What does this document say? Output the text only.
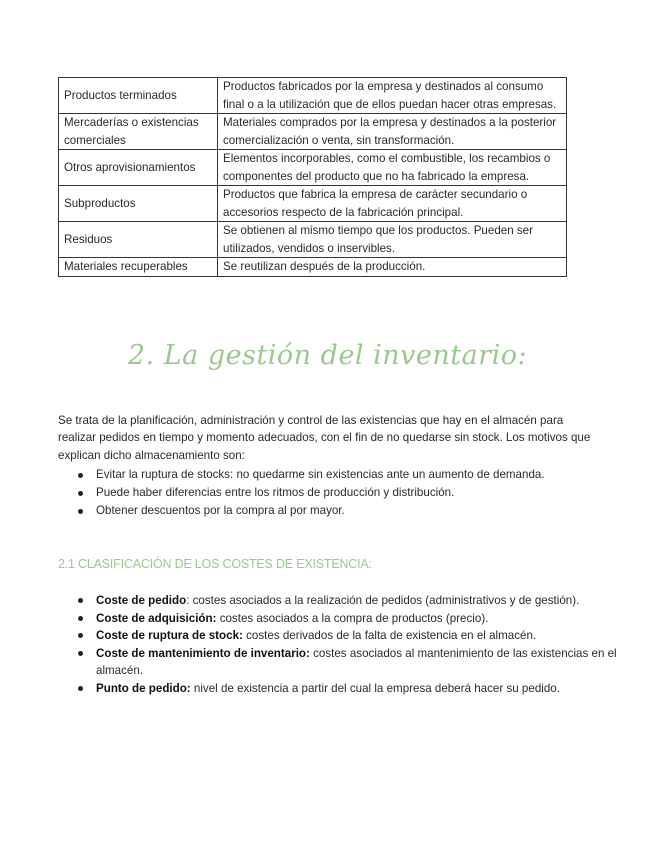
Productos terminados	Productos fabricados por la empresa y destinados al consumo final o a la utilización que de ellos puedan hacer otras empresas.
Mercaderías o existencias comerciales	Materiales comprados por la empresa y destinados a la posterior comercialización o venta, sin transformación.
Otros aprovisionamientos	Elementos incorporables, como el combustible, los recambios o componentes del producto que no ha fabricado la empresa.
Subproductos	Productos que fabrica la empresa de carácter secundario o accesorios respecto de la fabricación principal.
Residuos	Se obtienen al mismo tiempo que los productos. Pueden ser utilizados, vendidos o inservibles.
Materiales recuperables	Se reutilizan después de la producción.
2. La gestión del inventario:

Se trata de la planificación, administración y control de las existencias que hay en el almacén para realizar pedidos en tiempo y momento adecuados, con el fin de no quedarse sin stock. Los motivos que explican dicho almacenamiento son:

Evitar la ruptura de stocks: no quedarme sin existencias ante un aumento de demanda.
Puede haber diferencias entre los ritmos de producción y distribución.
Obtener descuentos por la compra al por mayor.
2.1 CLASIFICACIÓN DE LOS COSTES DE EXISTENCIA:
Coste de pedido: costes asociados a la realización de pedidos (administrativos y de gestión).
Coste de adquisición: costes asociados a la compra de productos (precio).
Coste de ruptura de stock: costes derivados de la falta de existencia en el almacén.
Coste de mantenimiento de inventario: costes asociados al mantenimiento de las existencias en el almacén.
Punto de pedido: nivel de existencia a partir del cual la empresa deberá hacer su pedido.
